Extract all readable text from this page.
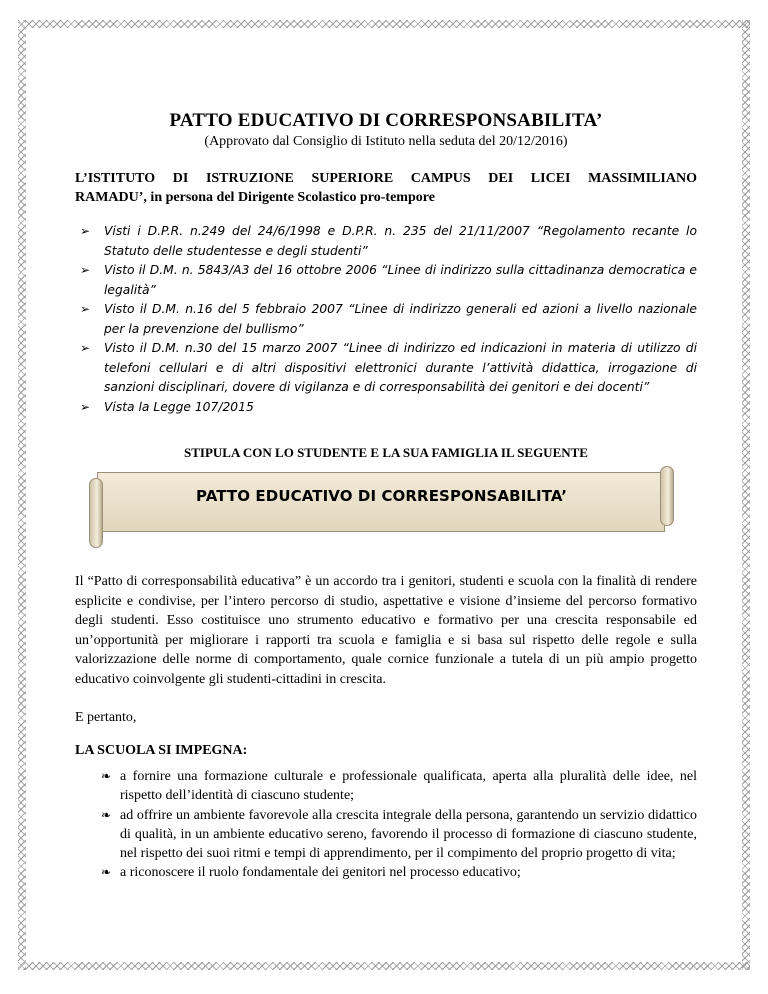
PATTO EDUCATIVO DI CORRESPONSABILITA’
(Approvato dal Consiglio di Istituto nella seduta del 20/12/2016)
L’ISTITUTO DI ISTRUZIONE SUPERIORE CAMPUS DEI LICEI MASSIMILIANO
RAMADU’, in persona del Dirigente Scolastico pro-tempore
➢ Visti i D.P.R. n.249 del 24/6/1998 e D.P.R. n. 235 del 21/11/2007 “Regolamento recante lo Statuto delle studentesse e degli studenti”
➢ Visto il D.M. n. 5843/A3 del 16 ottobre 2006 “Linee di indirizzo sulla cittadinanza democratica e legalità”
➢ Visto il D.M. n.16 del 5 febbraio 2007 “Linee di indirizzo generali ed azioni a livello nazionale per la prevenzione del bullismo”
➢ Visto il D.M. n.30 del 15 marzo 2007 “Linee di indirizzo ed indicazioni in materia di utilizzo di telefoni cellulari e di altri dispositivi elettronici durante l’attività didattica, irrogazione di sanzioni disciplinari, dovere di vigilanza e di corresponsabilità dei genitori e dei docenti”
➢ Vista la Legge 107/2015
STIPULA CON LO STUDENTE E LA SUA FAMIGLIA IL SEGUENTE
PATTO EDUCATIVO DI CORRESPONSABILITA’
Il “Patto di corresponsabilità educativa” è un accordo tra i genitori, studenti e scuola con la finalità di rendere esplicite e condivise, per l’intero percorso di studio, aspettative e visione d’insieme del percorso formativo degli studenti. Esso costituisce uno strumento educativo e formativo per una crescita responsabile ed un’opportunità per migliorare i rapporti tra scuola e famiglia e si basa sul rispetto delle regole e sulla valorizzazione delle norme di comportamento, quale cornice funzionale a tutela di un più ampio progetto educativo coinvolgente gli studenti-cittadini in crescita.
E pertanto,
LA SCUOLA SI IMPEGNA:
❧ a fornire una formazione culturale e professionale qualificata, aperta alla pluralità delle idee, nel rispetto dell’identità di ciascuno studente;
❧ ad offrire un ambiente favorevole alla crescita integrale della persona, garantendo un servizio didattico di qualità, in un ambiente educativo sereno, favorendo il processo di formazione di ciascuno studente, nel rispetto dei suoi ritmi e tempi di apprendimento, per il compimento del proprio progetto di vita;
❧ a riconoscere il ruolo fondamentale dei genitori nel processo educativo;
